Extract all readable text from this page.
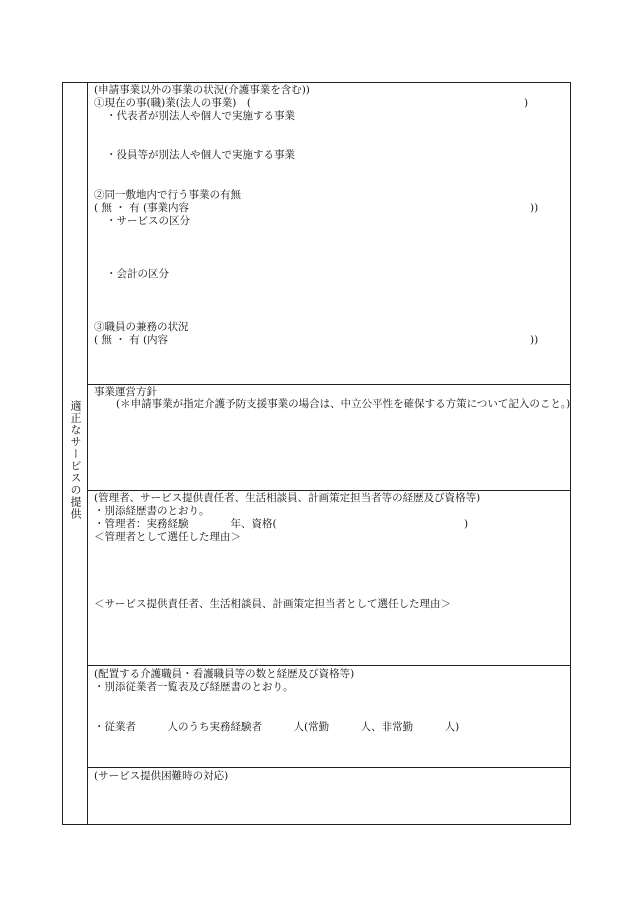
適正なサービスの提供
(申請事業以外の事業の状況(介護事業を含む))
①現在の事(職)業(法人の事業)　(	)
・代表者が別法人や個人で実施する事業
・役員等が別法人や個人で実施する事業
②同一敷地内で行う事業の有無
( 無 ・ 有 (事業内容	))
・サービスの区分
・会計の区分
③職員の兼務の状況
( 無 ・ 有 (内容	))
事業運営方針
(＊申請事業が指定介護予防支援事業の場合は、中立公平性を確保する方策について記入のこと。)
(管理者、サービス提供責任者、生活相談員、計画策定担当者等の経歴及び資格等)
・別添経歴書のとおり。
・管理者：実務経験　　　　年、資格(	)
＜管理者として選任した理由＞
＜サービス提供責任者、生活相談員、計画策定担当者として選任した理由＞
(配置する介護職員・看護職員等の数と経歴及び資格等)
・別添従業者一覧表及び経歴書のとおり。
・従業者　　　人のうち実務経験者　　　人(常勤　　　人、非常勤　　　人)
(サービス提供困難時の対応)
